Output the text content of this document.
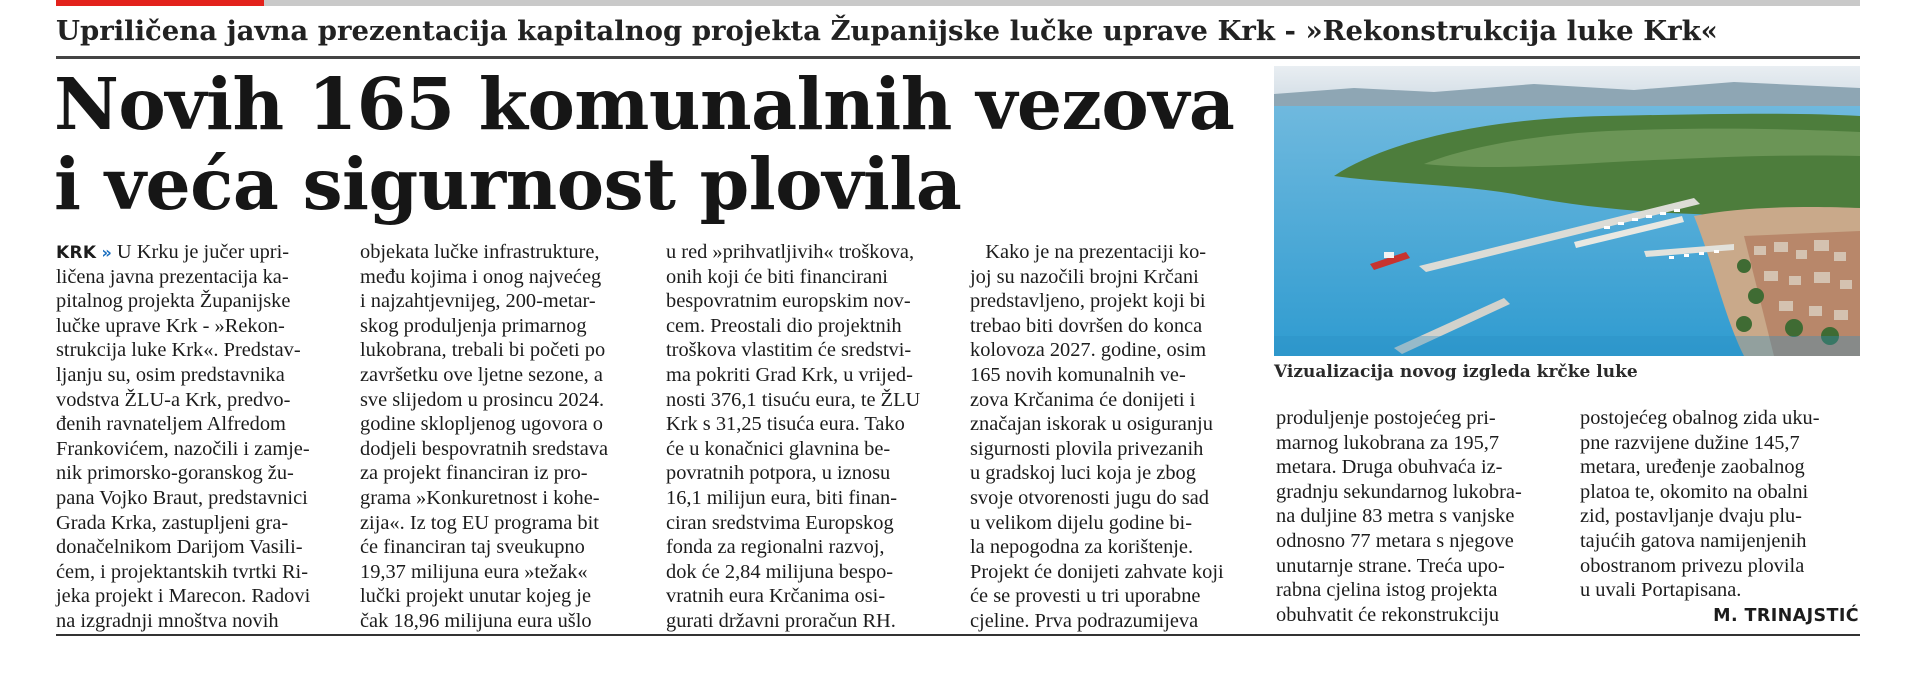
Upriličena javna prezentacija kapitalnog projekta Županijske lučke uprave Krk - »Rekonstrukcija luke Krk«
Novih 165 komunalnih vezova
i veća sigurnost plovila
Vizualizacija novog izgleda krčke luke

KRK » U Krku je jučer upri-

ličena javna prezentacija ka-

pitalnog projekta Županijske

lučke uprave Krk - »Rekon-

strukcija luke Krk«. Predstav-

ljanju su, osim predstavnika

vodstva ŽLU-a Krk, predvo-

đenih ravnateljem Alfredom

Frankovićem, nazočili i zamje-

nik primorsko-goranskog žu-

pana Vojko Braut, predstavnici

Grada Krka, zastupljeni gra-

donačelnikom Darijom Vasili-

ćem, i projektantskih tvrtki Ri-

jeka projekt i Marecon. Radovi

na izgradnji mnoštva novih

objekata lučke infrastrukture,

među kojima i onog najvećeg

i najzahtjevnijeg, 200-metar-

skog produljenja primarnog

lukobrana, trebali bi početi po

završetku ove ljetne sezone, a

sve slijedom u prosincu 2024.

godine sklopljenog ugovora o

dodjeli bespovratnih sredstava

za projekt financiran iz pro-

grama »Konkuretnost i kohe-

zija«. Iz tog EU programa bit

će financiran taj sveukupno

19,37 milijuna eura »težak«

lučki projekt unutar kojeg je

čak 18,96 milijuna eura ušlo

u red »prihvatljivih« troškova,

onih koji će biti financirani

bespovratnim europskim nov-

cem. Preostali dio projektnih

troškova vlastitim će sredstvi-

ma pokriti Grad Krk, u vrijed-

nosti 376,1 tisuću eura, te ŽLU

Krk s 31,25 tisuća eura. Tako

će u konačnici glavnina be-

povratnih potpora, u iznosu

16,1 milijun eura, biti finan-

ciran sredstvima Europskog

fonda za regionalni razvoj,

dok će 2,84 milijuna bespo-

vratnih eura Krčanima osi-

gurati državni proračun RH.

Kako je na prezentaciji ko-

joj su nazočili brojni Krčani

predstavljeno, projekt koji bi

trebao biti dovršen do konca

kolovoza 2027. godine, osim

165 novih komunalnih ve-

zova Krčanima će donijeti i

značajan iskorak u osiguranju

sigurnosti plovila privezanih

u gradskoj luci koja je zbog

svoje otvorenosti jugu do sad

u velikom dijelu godine bi-

la nepogodna za korištenje.

Projekt će donijeti zahvate koji

će se provesti u tri uporabne

cjeline. Prva podrazumijeva

produljenje postojećeg pri-

marnog lukobrana za 195,7

metara. Druga obuhvaća iz-

gradnju sekundarnog lukobra-

na duljine 83 metra s vanjske

odnosno 77 metara s njegove

unutarnje strane. Treća upo-

rabna cjelina istog projekta

obuhvatit će rekonstrukciju

postojećeg obalnog zida uku-

pne razvijene dužine 145,7

metara, uređenje zaobalnog

platoa te, okomito na obalni

zid, postavljanje dvaju plu-

tajućih gatova namijenjenih

obostranom privezu plovila

u uvali Portapisana.

M. TRINAJSTIĆ
